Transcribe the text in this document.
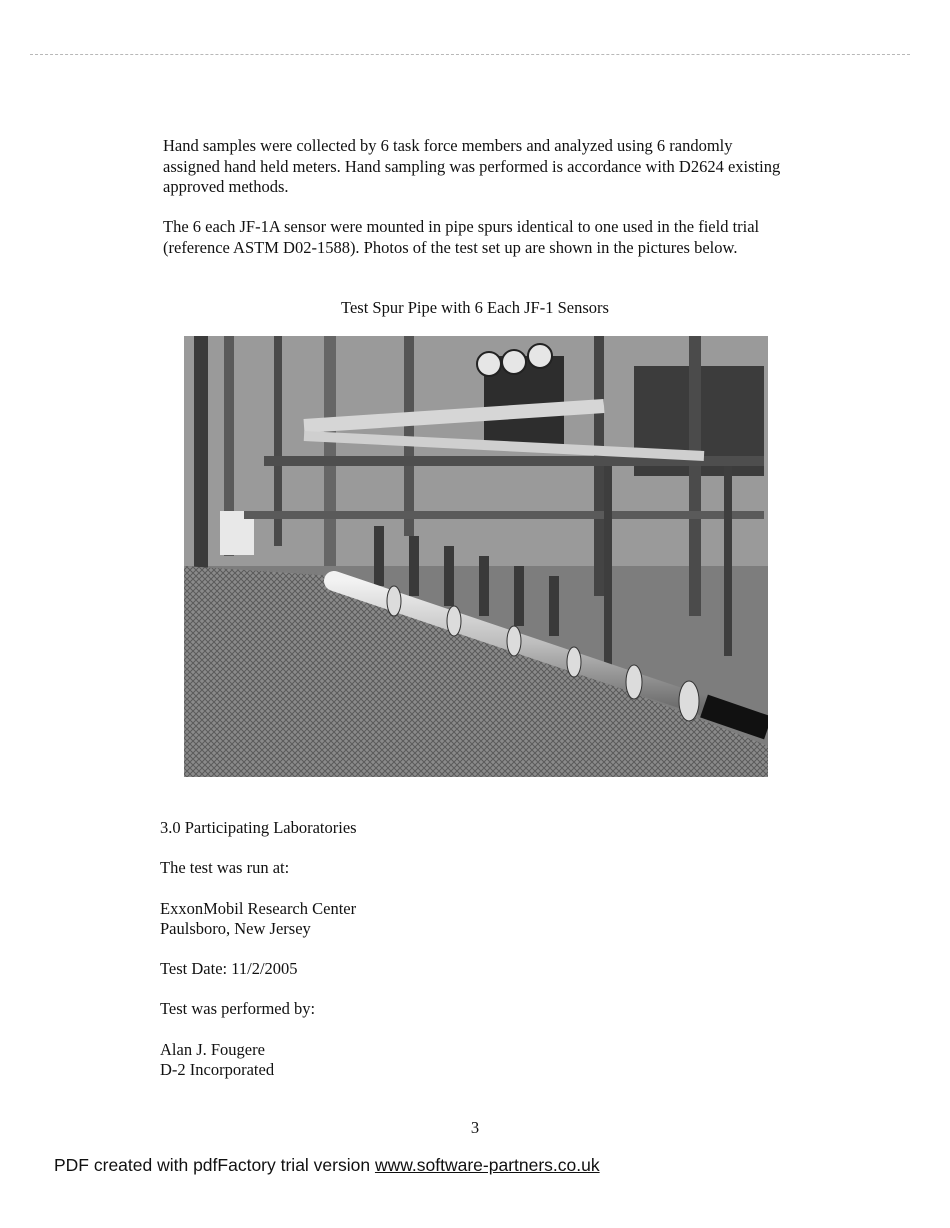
Hand samples were collected by 6 task force members and analyzed using 6 randomly assigned hand held meters. Hand sampling was performed is accordance with D2624 existing approved methods.

The 6 each JF-1A sensor were mounted in pipe spurs identical to one used in the field trial (reference ASTM D02-1588). Photos of the test set up are shown in the pictures below.

Test Spur Pipe with 6 Each JF-1 Sensors

3.0 Participating Laboratories

The test was run at:

ExxonMobil Research Center

Paulsboro, New Jersey

Test Date: 11/2/2005

Test was performed by:

Alan J. Fougere

D-2 Incorporated

3
PDF created with pdfFactory trial version www.software-partners.co.uk
